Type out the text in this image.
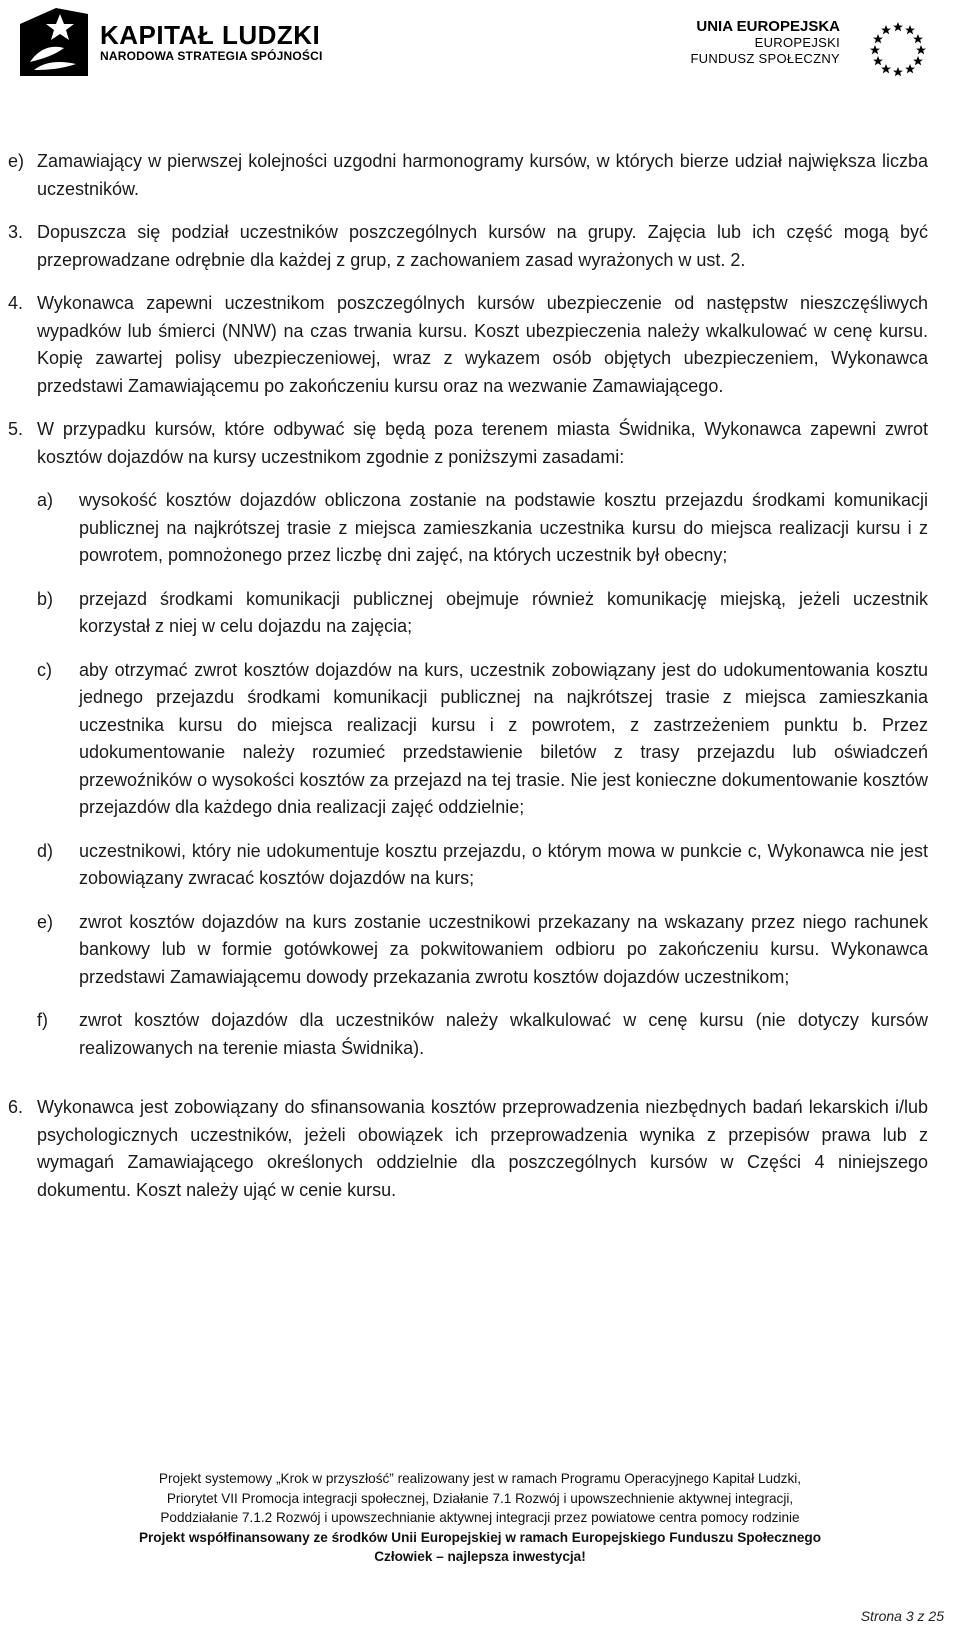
KAPITAŁ LUDZKI
NARODOWA STRATEGIA SPÓJNOŚCI
UNIA EUROPEJSKA
EUROPEJSKI
FUNDUSZ SPOŁECZNY
e) Zamawiający w pierwszej kolejności uzgodni harmonogramy kursów, w których bierze udział największa liczba uczestników.
3. Dopuszcza się podział uczestników poszczególnych kursów na grupy. Zajęcia lub ich część mogą być przeprowadzane odrębnie dla każdej z grup, z zachowaniem zasad wyrażonych w ust. 2.
4. Wykonawca zapewni uczestnikom poszczególnych kursów ubezpieczenie od następstw nieszczęśliwych wypadków lub śmierci (NNW) na czas trwania kursu. Koszt ubezpieczenia należy wkalkulować w cenę kursu. Kopię zawartej polisy ubezpieczeniowej, wraz z wykazem osób objętych ubezpieczeniem, Wykonawca przedstawi Zamawiającemu po zakończeniu kursu oraz na wezwanie Zamawiającego.
5. W przypadku kursów, które odbywać się będą poza terenem miasta Świdnika, Wykonawca zapewni zwrot kosztów dojazdów na kursy uczestnikom zgodnie z poniższymi zasadami:
a)	wysokość kosztów dojazdów obliczona zostanie na podstawie kosztu przejazdu środkami komunikacji publicznej na najkrótszej trasie z miejsca zamieszkania uczestnika kursu do miejsca realizacji kursu i z powrotem, pomnożonego przez liczbę dni zajęć, na których uczestnik był obecny;
b)	przejazd środkami komunikacji publicznej obejmuje również komunikację miejską, jeżeli uczestnik korzystał z niej w celu dojazdu na zajęcia;
c)	aby otrzymać zwrot kosztów dojazdów na kurs, uczestnik zobowiązany jest do udokumentowania kosztu jednego przejazdu środkami komunikacji publicznej na najkrótszej trasie z miejsca zamieszkania uczestnika kursu do miejsca realizacji kursu i z powrotem, z zastrzeżeniem punktu b. Przez udokumentowanie należy rozumieć przedstawienie biletów z trasy przejazdu lub oświadczeń przewoźników o wysokości kosztów za przejazd na tej trasie. Nie jest konieczne dokumentowanie kosztów przejazdów dla każdego dnia realizacji zajęć oddzielnie;
d)	uczestnikowi, który nie udokumentuje kosztu przejazdu, o którym mowa w punkcie c, Wykonawca nie jest zobowiązany zwracać kosztów dojazdów na kurs;
e)	zwrot kosztów dojazdów na kurs zostanie uczestnikowi przekazany na wskazany przez niego rachunek bankowy lub w formie gotówkowej za pokwitowaniem odbioru po zakończeniu kursu. Wykonawca przedstawi Zamawiającemu dowody przekazania zwrotu kosztów dojazdów uczestnikom;
f)	zwrot kosztów dojazdów dla uczestników należy wkalkulować w cenę kursu (nie dotyczy kursów realizowanych na terenie miasta Świdnika).
6. Wykonawca jest zobowiązany do sfinansowania kosztów przeprowadzenia niezbędnych badań lekarskich i/lub psychologicznych uczestników, jeżeli obowiązek ich przeprowadzenia wynika z przepisów prawa lub z wymagań Zamawiającego określonych oddzielnie dla poszczególnych kursów w Części 4 niniejszego dokumentu. Koszt należy ująć w cenie kursu.
Projekt systemowy „Krok w przyszłość” realizowany jest w ramach Programu Operacyjnego Kapitał Ludzki,
Priorytet VII Promocja integracji społecznej, Działanie 7.1 Rozwój i upowszechnienie aktywnej integracji,
Poddziałanie 7.1.2 Rozwój i upowszechnianie aktywnej integracji przez powiatowe centra pomocy rodzinie
Projekt współfinansowany ze środków Unii Europejskiej w ramach Europejskiego Funduszu Społecznego
Człowiek – najlepsza inwestycja!
Strona 3 z 25
